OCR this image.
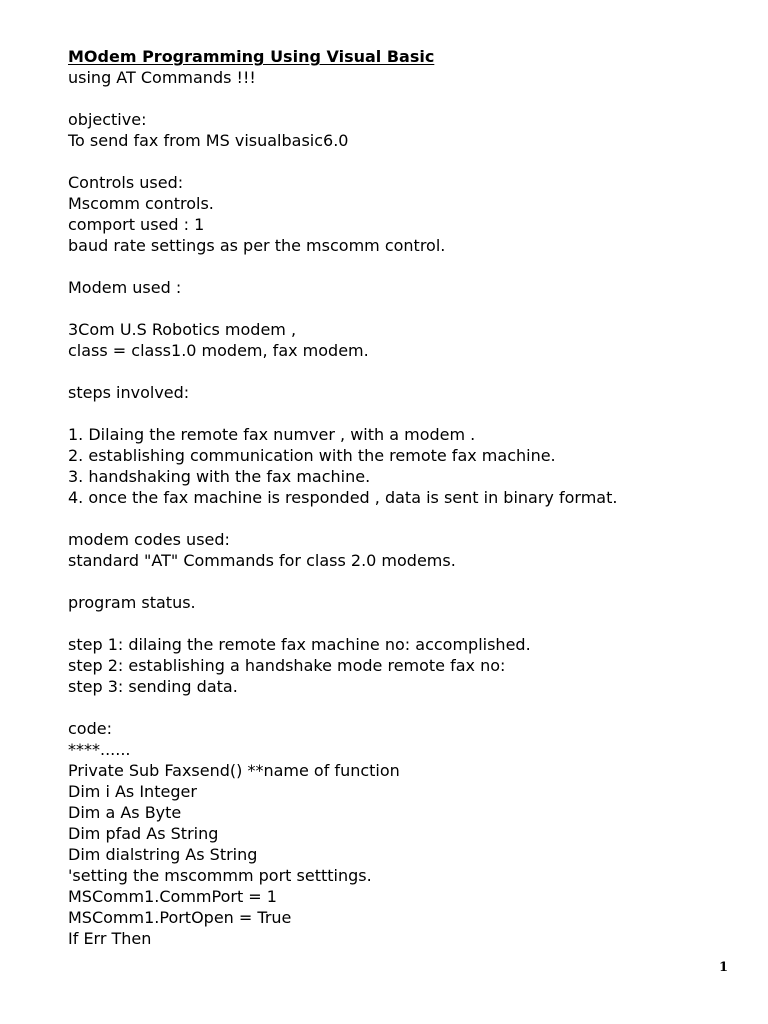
MOdem Programming Using Visual Basic
using AT Commands !!!
objective:
To send fax from MS visualbasic6.0
Controls used:
Mscomm controls.
comport used : 1
baud rate settings as per the mscomm control.
Modem used :
3Com U.S Robotics modem ,
class = class1.0 modem, fax modem.
steps involved:
1. Dilaing the remote fax numver , with a modem .
2. establishing communication with the remote fax machine.
3. handshaking with the fax machine.
4. once the fax machine is responded , data is sent in binary format.
modem codes used:
standard "AT" Commands for class 2.0 modems.
program status.
step 1: dilaing the remote fax machine no: accomplished.
step 2: establishing a handshake mode remote fax no:
step 3: sending data.
code:
****......
Private Sub Faxsend() **name of function
Dim i As Integer
Dim a As Byte
Dim pfad As String
Dim dialstring As String
'setting the mscommm port setttings.
MSComm1.CommPort = 1
MSComm1.PortOpen = True
If Err Then
1
